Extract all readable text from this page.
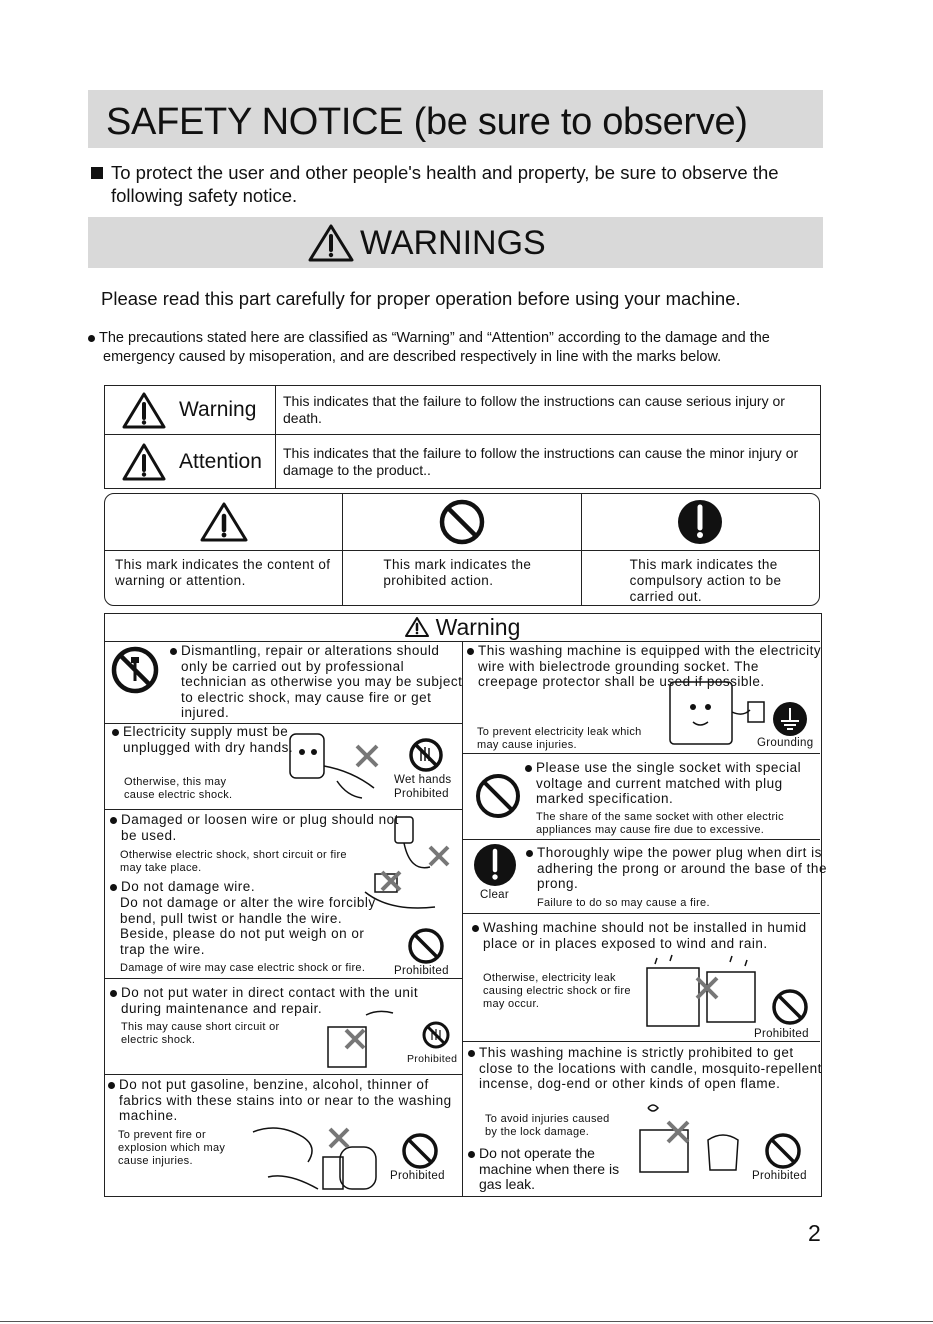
SAFETY NOTICE (be sure to observe)
To protect the user and other people's health and property, be sure to observe the following safety notice.
WARNINGS
Please read this part carefully for proper operation before using your machine.
The precautions stated here are classified as “Warning” and “Attention” according to the damage and the emergency caused by misoperation, and are described respectively in line with the marks below.
Warning	This indicates that the failure to follow the instructions can cause serious injury or death.

Attention	This indicates that the failure to follow the instructions can cause the minor injury or damage to the product..
This mark indicates the content of warning or attention.
This mark indicates the prohibited action.
This mark indicates the compulsory action to be carried out.
Warning
Dismantling, repair or alterations should only be carried out by professional technician as otherwise you may be subject to electric shock, may cause fire or get injured.
Electricity supply must be unplugged with dry hands.
Otherwise, this may cause electric shock.
Wet hands
Prohibited
Damaged or loosen wire or plug should not be used.
Otherwise electric shock, short circuit or fire may take place.
Do not damage wire.
Do not damage or alter the wire forcibly bend, pull twist or handle the wire. Beside, please do not put weigh on or trap the wire.
Damage of wire may case electric shock or fire.	Prohibited
Do not put water in direct contact with the unit during maintenance and repair.
This may cause short circuit or electric shock.
Prohibited
Do not put gasoline, benzine, alcohol, thinner of fabrics with these stains into or near to the washing machine.
To prevent fire or explosion which may cause injuries.
Prohibited
This washing machine is equipped with the electricity wire with bielectrode grounding socket. The creepage protector shall be used if possible.
To prevent electricity leak which may cause injuries.	Grounding
Please use the single socket with special voltage and current matched with plug marked specification.
The share of the same socket with other electric appliances may cause fire due to excessive.
Clear
Thoroughly wipe the power plug when dirt is adhering the prong or around the base of the prong.
Failure to do so may cause a fire.
Washing machine should not be installed in humid place or in places exposed to wind and rain.
Otherwise, electricity leak causing electric shock or fire may occur.
Prohibited
This washing machine is strictly prohibited to get close to the locations with candle, mosquito-repellent incense, dog-end or other kinds of open flame.
To avoid injuries caused by the lock damage.
Do not operate the machine when there is gas leak.
Prohibited
2
